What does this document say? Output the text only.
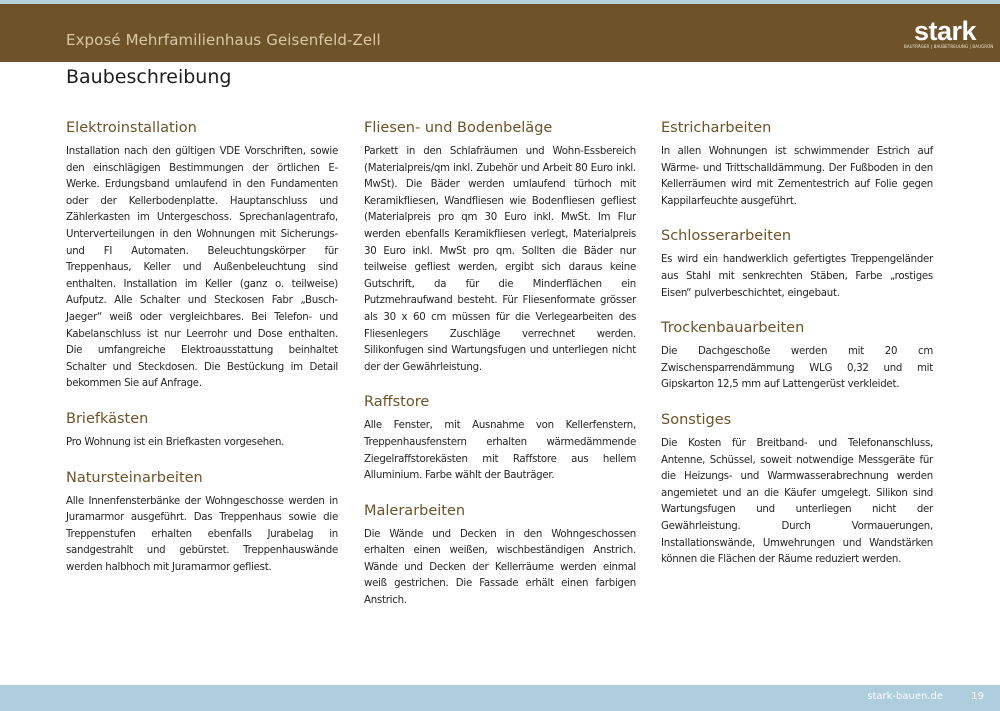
Exposé Mehrfamilienhaus Geisenfeld-Zell	stark
BAUTRÄGER | BAUBETREUUNG | BAUGRÜN
Baubeschreibung
Elektroinstallation

Installation nach den gültigen VDE Vorschriften, sowie den einschlägigen Bestimmungen der örtlichen E-Werke. Erdungsband umlaufend in den Fundamenten oder der Kellerbodenplatte. Hauptanschluss und Zählerkasten im Untergeschoss. Sprechanlagentrafo, Unterverteilungen in den Wohnungen mit Sicherungs- und FI Automaten. Beleuchtungskörper für Treppenhaus, Keller und Außenbeleuchtung sind enthalten. Installation im Keller (ganz o. teilweise) Aufputz. Alle Schalter und Steckosen Fabr „Busch-Jaeger“ weiß oder vergleichbares. Bei Telefon- und Kabelanschluss ist nur Leerrohr und Dose enthalten. Die umfangreiche Elektroausstattung beinhaltet Schalter und Steckdosen. Die Bestückung im Detail bekommen Sie auf Anfrage.

Briefkästen

Pro Wohnung ist ein Briefkasten vorgesehen.

Natursteinarbeiten

Alle Innenfensterbänke der Wohngeschosse werden in Juramarmor ausgeführt. Das Treppenhaus sowie die Treppenstufen erhalten ebenfalls Jurabelag in sandgestrahlt und gebürstet. Treppenhauswände werden halbhoch mit Juramarmor gefliest.

Fliesen- und Bodenbeläge

Parkett in den Schlafräumen und Wohn-Essbereich (Materialpreis/qm inkl. Zubehör und Arbeit 80 Euro inkl. MwSt). Die Bäder werden umlaufend türhoch mit Keramikfliesen, Wandfliesen wie Bodenfliesen gefliest (Materialpreis pro qm 30 Euro inkl. MwSt. Im Flur werden ebenfalls Keramikfliesen verlegt, Materialpreis 30 Euro inkl. MwSt pro qm. Sollten die Bäder nur teilweise gefliest werden, ergibt sich daraus keine Gutschrift, da für die Minderflächen ein Putzmehraufwand besteht. Für Fliesenformate grösser als 30 x 60 cm müssen für die Verlegearbeiten des Fliesenlegers Zuschläge verrechnet werden. Silikonfugen sind Wartungsfugen und unterliegen nicht der der Gewährleistung.

Raffstore

Alle Fenster, mit Ausnahme von Kellerfenstern, Treppenhausfenstern erhalten wärmedämmende Ziegelraffstorekästen mit Raffstore aus hellem Alluminium. Farbe wählt der Bauträger.

Malerarbeiten

Die Wände und Decken in den Wohngeschossen erhalten einen weißen, wischbeständigen Anstrich. Wände und Decken der Kellerräume werden einmal weiß gestrichen. Die Fassade erhält einen farbigen Anstrich.

Estricharbeiten

In allen Wohnungen ist schwimmender Estrich auf Wärme- und Trittschalldämmung. Der Fußboden in den Kellerräumen wird mit Zementestrich auf Folie gegen Kappilarfeuchte ausgeführt.

Schlosserarbeiten

Es wird ein handwerklich gefertigtes Treppengeländer aus Stahl mit senkrechten Stäben, Farbe „rostiges Eisen“ pulverbeschichtet, eingebaut.

Trockenbauarbeiten

Die Dachgeschoße werden mit 20 cm Zwischensparrendämmung WLG 0,32 und mit Gipskarton 12,5 mm auf Lattengerüst verkleidet.

Sonstiges

Die Kosten für Breitband- und Telefonanschluss, Antenne, Schüssel, soweit notwendige Messgeräte für die Heizungs- und Warmwasserabrechnung werden angemietet und an die Käufer umgelegt. Silikon sind Wartungsfugen und unterliegen nicht der Gewährleistung. Durch Vormauerungen, Installationswände, Umwehrungen und Wandstärken können die Flächen der Räume reduziert werden.

stark-bauen.de	19
